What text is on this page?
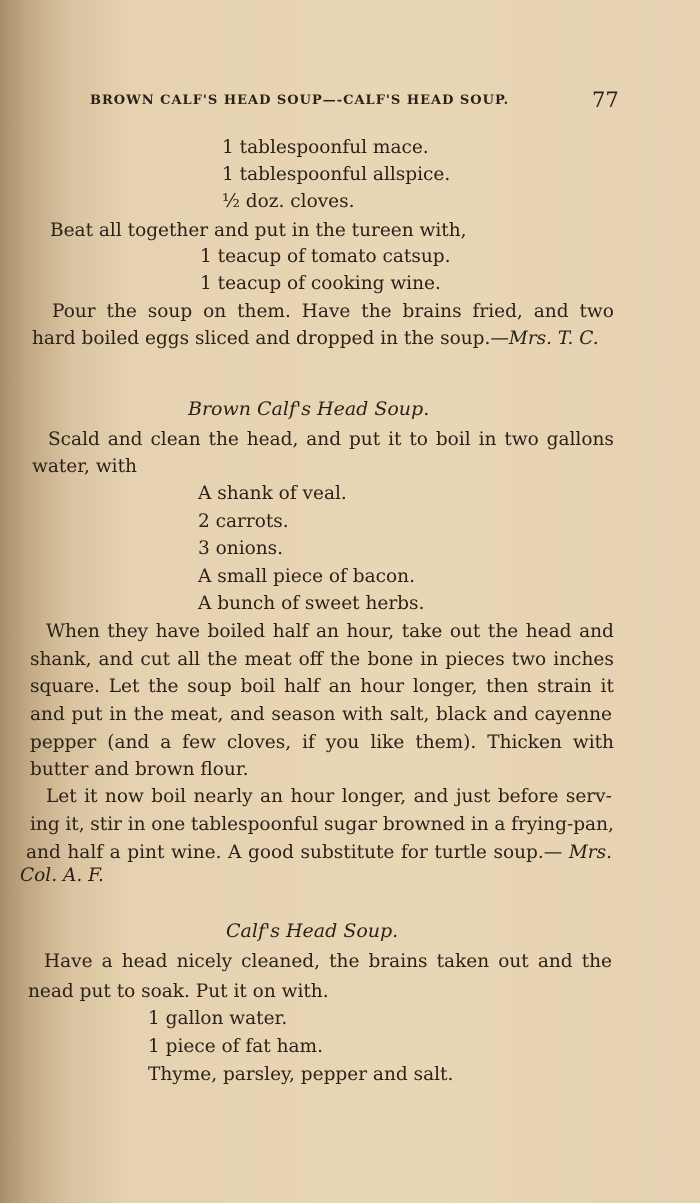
BROWN CALF'S HEAD SOUP—-CALF'S HEAD SOUP.	77
1 tablespoonful mace.
1 tablespoonful allspice.
½ doz. cloves.
Beat all together and put in the tureen with,
1 teacup of tomato catsup.
1 teacup of cooking wine.
Pour the soup on them. Have the brains fried, and two
hard boiled eggs sliced and dropped in the soup.—Mrs. T. C.
Brown Calf's Head Soup.
Scald and clean the head, and put it to boil in two gallons
water, with
A shank of veal.
2 carrots.
3 onions.
A small piece of bacon.
A bunch of sweet herbs.
When they have boiled half an hour, take out the head and
shank, and cut all the meat off the bone in pieces two inches
square. Let the soup boil half an hour longer, then strain it
and put in the meat, and season with salt, black and cayenne
pepper (and a few cloves, if you like them). Thicken with
butter and brown flour.
Let it now boil nearly an hour longer, and just before serv-
ing it, stir in one tablespoonful sugar browned in a frying-pan,
and half a pint wine. A good substitute for turtle soup.— Mrs.
Col. A. F.
Calf's Head Soup.
Have a head nicely cleaned, the brains taken out and the
nead put to soak. Put it on with.
1 gallon water.
1 piece of fat ham.
Thyme, parsley, pepper and salt.
